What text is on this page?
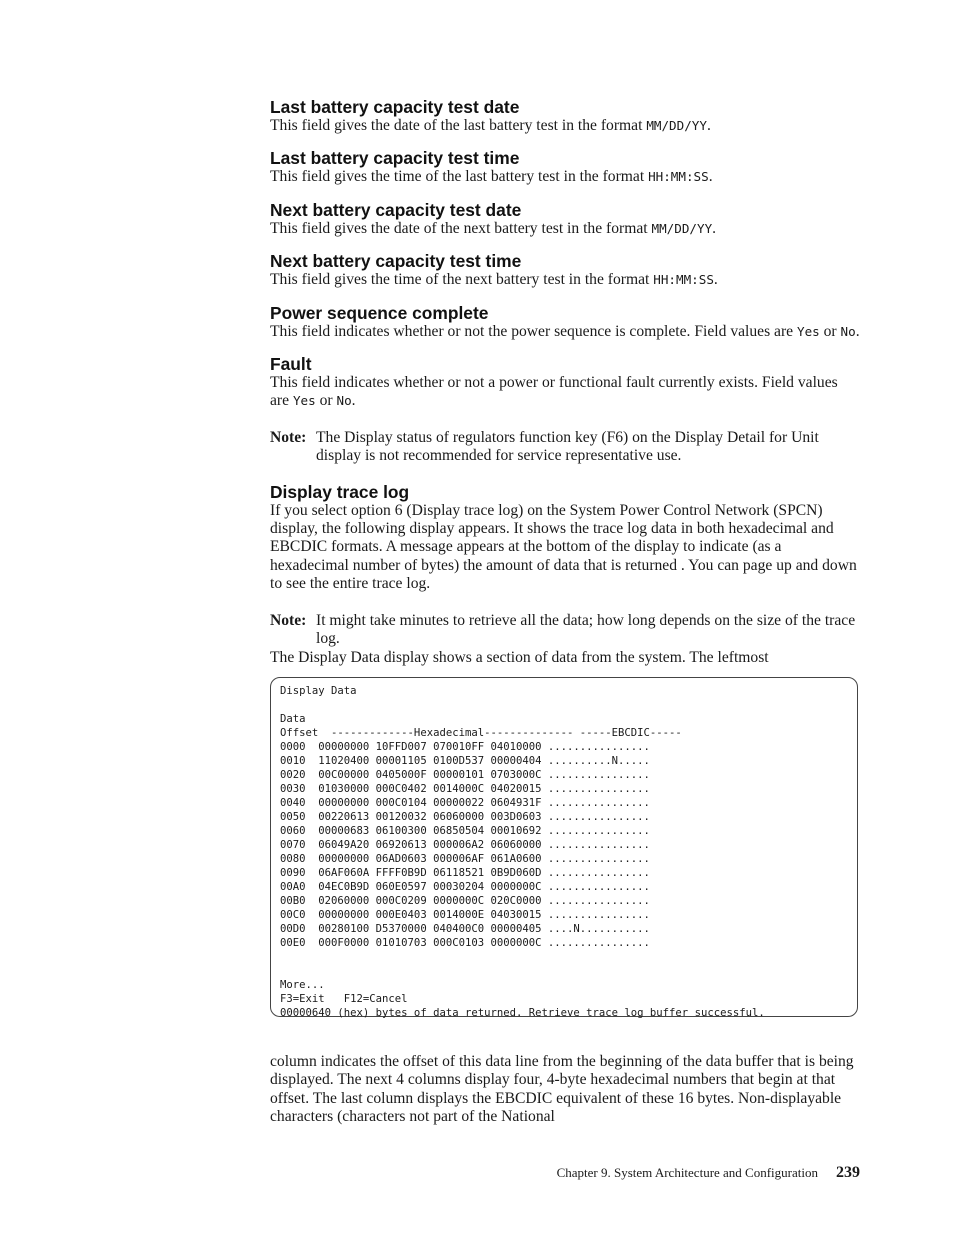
Last battery capacity test date

This field gives the date of the last battery test in the format MM/DD/YY.

Last battery capacity test time

This field gives the time of the last battery test in the format HH:MM:SS.

Next battery capacity test date

This field gives the date of the next battery test in the format MM/DD/YY.

Next battery capacity test time

This field gives the time of the next battery test in the format HH:MM:SS.

Power sequence complete

This field indicates whether or not the power sequence is complete. Field values are Yes or No.

Fault

This field indicates whether or not a power or functional fault currently exists. Field values are Yes or No.

Note: The Display status of regulators function key (F6) on the Display Detail for Unit display is not recommended for service representative use.
Display trace log

If you select option 6 (Display trace log) on the System Power Control Network (SPCN) display, the following display appears. It shows the trace log data in both hexadecimal and EBCDIC formats. A message appears at the bottom of the display to indicate (as a hexadecimal number of bytes) the amount of data that is returned . You can page up and down to see the entire trace log.

Note: It might take minutes to retrieve all the data; how long depends on the size of the trace log.

The Display Data display shows a section of data from the system. The leftmost

Display Data
Data
Offset  -------------Hexadecimal-------------- -----EBCDIC-----
0000  00000000 10FFD007 070010FF 04010000 ................
0010  11020400 00001105 0100D537 00000404 ..........N.....
0020  00C00000 0405000F 00000101 0703000C ................
0030  01030000 000C0402 0014000C 04020015 ................
0040  00000000 000C0104 00000022 0604931F ................
0050  00220613 00120032 06060000 003D0603 ................
0060  00000683 06100300 06850504 00010692 ................
0070  06049A20 06920613 000006A2 06060000 ................
0080  00000000 06AD0603 000006AF 061A0600 ................
0090  06AF060A FFFF0B9D 06118521 0B9D060D ................
00A0  04EC0B9D 060E0597 00030204 0000000C ................
00B0  02060000 000C0209 0000000C 020C0000 ................
00C0  00000000 000E0403 0014000E 04030015 ................
00D0  00280100 D5370000 040400C0 00000405 ....N...........
00E0  000F0000 01010703 000C0103 0000000C ................
More...
F3=Exit   F12=Cancel
00000640 (hex) bytes of data returned. Retrieve trace log buffer successful.

column indicates the offset of this data line from the beginning of the data buffer that is being displayed. The next 4 columns display four, 4-byte hexadecimal numbers that begin at that offset. The last column displays the EBCDIC equivalent of these 16 bytes. Non-displayable characters (characters not part of the National

Chapter 9. System Architecture and Configuration 239
